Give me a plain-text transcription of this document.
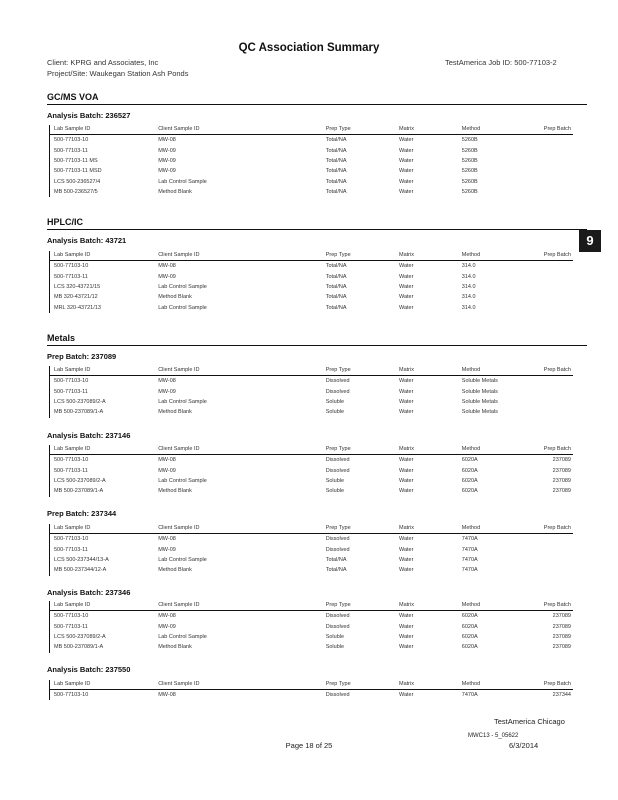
QC Association Summary
Client: KPRG and Associates, Inc
Project/Site: Waukegan Station Ash Ponds
TestAmerica Job ID: 500-77103-2
9
GC/MS VOA
Analysis Batch: 236527
Lab Sample ID	Client Sample ID	Prep Type	Matrix	Method	Prep Batch
500-77103-10	MW-08	Total/NA	Water	5260B	
500-77103-11	MW-09	Total/NA	Water	5260B	
500-77103-11 MS	MW-09	Total/NA	Water	5260B	
500-77103-11 MSD	MW-09	Total/NA	Water	5260B	
LCS 500-236527/4	Lab Control Sample	Total/NA	Water	5260B	
MB 500-236527/5	Method Blank	Total/NA	Water	5260B	
HPLC/IC
Analysis Batch: 43721
Lab Sample ID	Client Sample ID	Prep Type	Matrix	Method	Prep Batch
500-77103-10	MW-08	Total/NA	Water	314.0	
500-77103-11	MW-09	Total/NA	Water	314.0	
LCS 320-43721/15	Lab Control Sample	Total/NA	Water	314.0	
MB 320-43721/12	Method Blank	Total/NA	Water	314.0	
MRL 320-43721/13	Lab Control Sample	Total/NA	Water	314.0	
Metals
Prep Batch: 237089
Lab Sample ID	Client Sample ID	Prep Type	Matrix	Method	Prep Batch
500-77103-10	MW-08	Dissolved	Water	Soluble Metals	
500-77103-11	MW-09	Dissolved	Water	Soluble Metals	
LCS 500-237089/2-A	Lab Control Sample	Soluble	Water	Soluble Metals	
MB 500-237089/1-A	Method Blank	Soluble	Water	Soluble Metals	
Analysis Batch: 237146
Lab Sample ID	Client Sample ID	Prep Type	Matrix	Method	Prep Batch
500-77103-10	MW-08	Dissolved	Water	6020A	237089
500-77103-11	MW-09	Dissolved	Water	6020A	237089
LCS 500-237089/2-A	Lab Control Sample	Soluble	Water	6020A	237089
MB 500-237089/1-A	Method Blank	Soluble	Water	6020A	237089
Prep Batch: 237344
Lab Sample ID	Client Sample ID	Prep Type	Matrix	Method	Prep Batch
500-77103-10	MW-08	Dissolved	Water	7470A	
500-77103-11	MW-09	Dissolved	Water	7470A	
LCS 500-237344/13-A	Lab Control Sample	Total/NA	Water	7470A	
MB 500-237344/12-A	Method Blank	Total/NA	Water	7470A	
Analysis Batch: 237346
Lab Sample ID	Client Sample ID	Prep Type	Matrix	Method	Prep Batch
500-77103-10	MW-08	Dissolved	Water	6020A	237089
500-77103-11	MW-09	Dissolved	Water	6020A	237089
LCS 500-237089/2-A	Lab Control Sample	Soluble	Water	6020A	237089
MB 500-237089/1-A	Method Blank	Soluble	Water	6020A	237089
Analysis Batch: 237550
Lab Sample ID	Client Sample ID	Prep Type	Matrix	Method	Prep Batch
500-77103-10	MW-08	Dissolved	Water	7470A	237344
TestAmerica Chicago
MWC13 - 5_05622
Page 18 of 25	6/3/2014
